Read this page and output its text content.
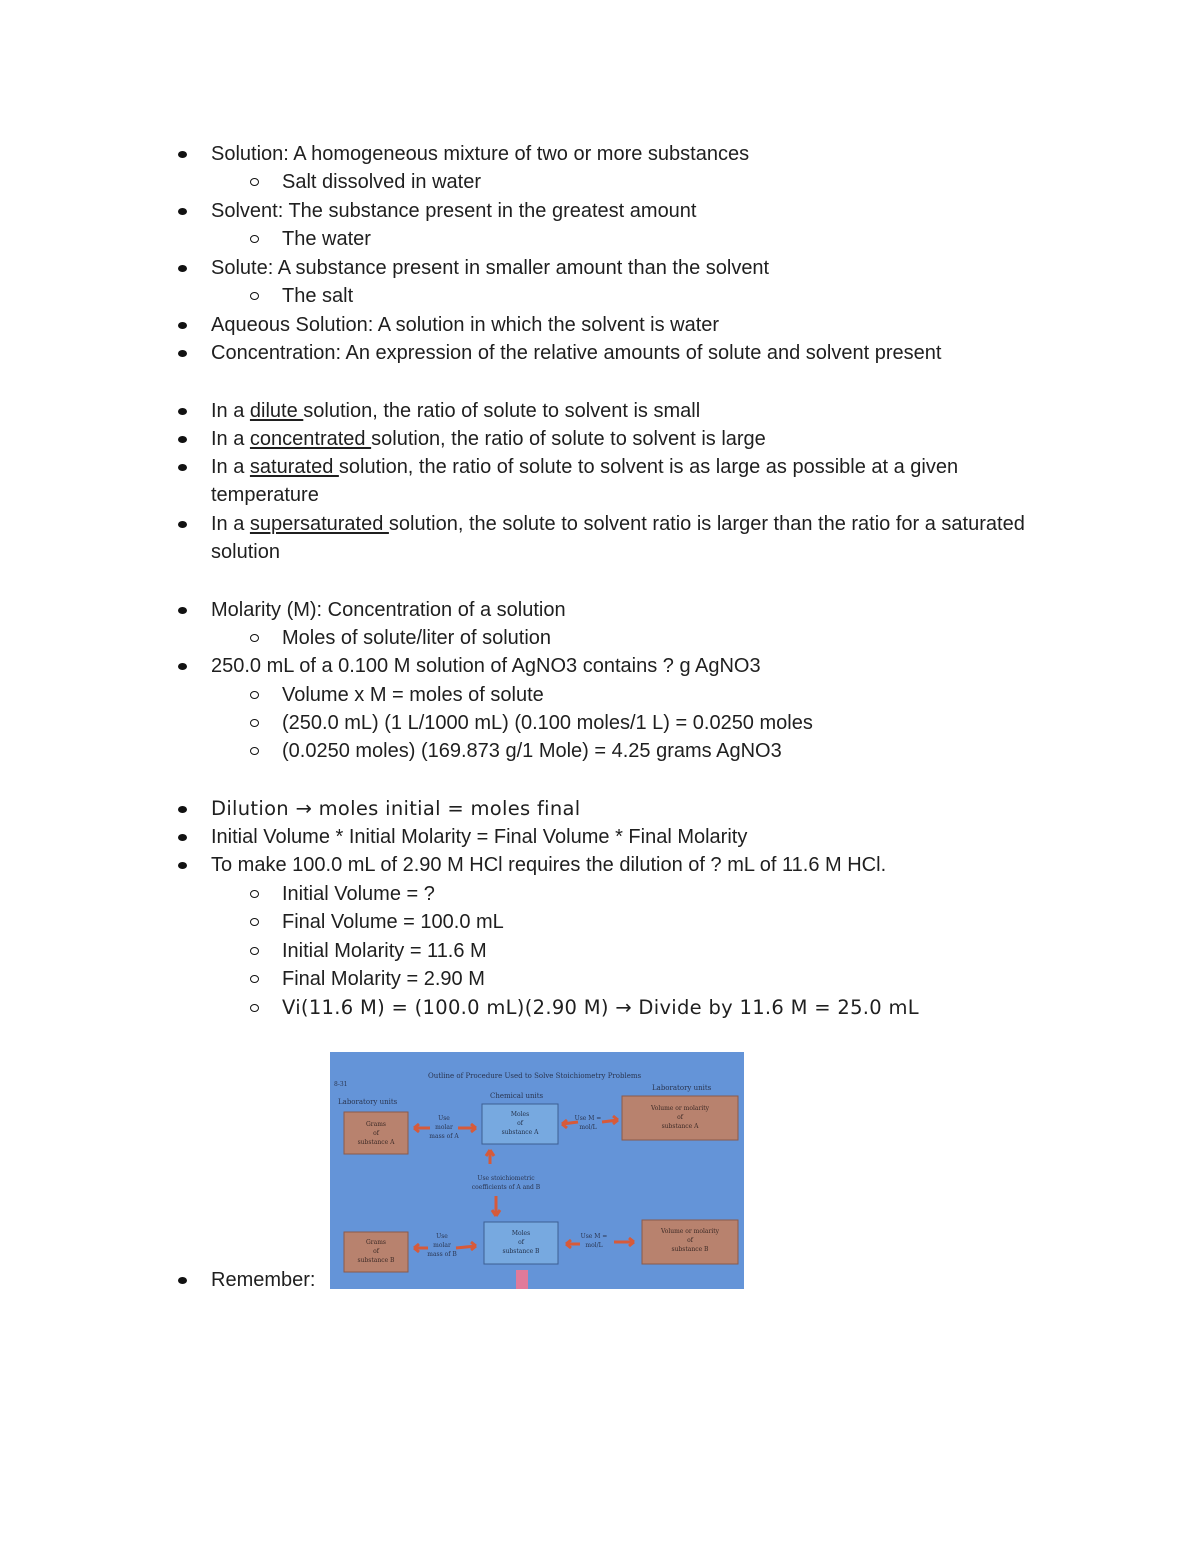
Solution: A homogeneous mixture of two or more substances
Salt dissolved in water
Solvent: The substance present in the greatest amount
The water
Solute: A substance present in smaller amount than the solvent
The salt
Aqueous Solution: A solution in which the solvent is water
Concentration: An expression of the relative amounts of solute and solvent present
In a dilute solution, the ratio of solute to solvent is small
In a concentrated solution, the ratio of solute to solvent is large
In a saturated solution, the ratio of solute to solvent is as large as possible at a given temperature
In a supersaturated solution, the solute to solvent ratio is larger than the ratio for a saturated solution
Molarity (M): Concentration of a solution
Moles of solute/liter of solution
250.0 mL of a 0.100 M solution of AgNO3 contains ? g AgNO3
Volume x M = moles of solute
(250.0 mL) (1 L/1000 mL) (0.100 moles/1 L) = 0.0250 moles
(0.0250 moles) (169.873 g/1 Mole) = 4.25 grams AgNO3
Dilution → moles initial = moles final
Initial Volume * Initial Molarity = Final Volume * Final Molarity
To make 100.0 mL of 2.90 M HCl requires the dilution of ? mL of 11.6 M HCl.
Initial Volume = ?
Final Volume = 100.0 mL
Initial Molarity = 11.6 M
Final Molarity = 2.90 M
Vi(11.6 M) = (100.0 mL)(2.90 M) → Divide by 11.6 M = 25.0 mL
8-31
Outline of Procedure Used to Solve Stoichiometry Problems
Laboratory units
Chemical units
Laboratory units
Grams
of
substance A
Use
molar
mass of A
Moles
of
substance A
Use M =
mol/L
Volume or molarity
of
substance A
Use stoichiometric
coefficients of A and B
Grams
of
substance B
Use
molar
mass of B
Moles
of
substance B
Use M =
mol/L
Volume or molarity
of
substance B
Remember:
